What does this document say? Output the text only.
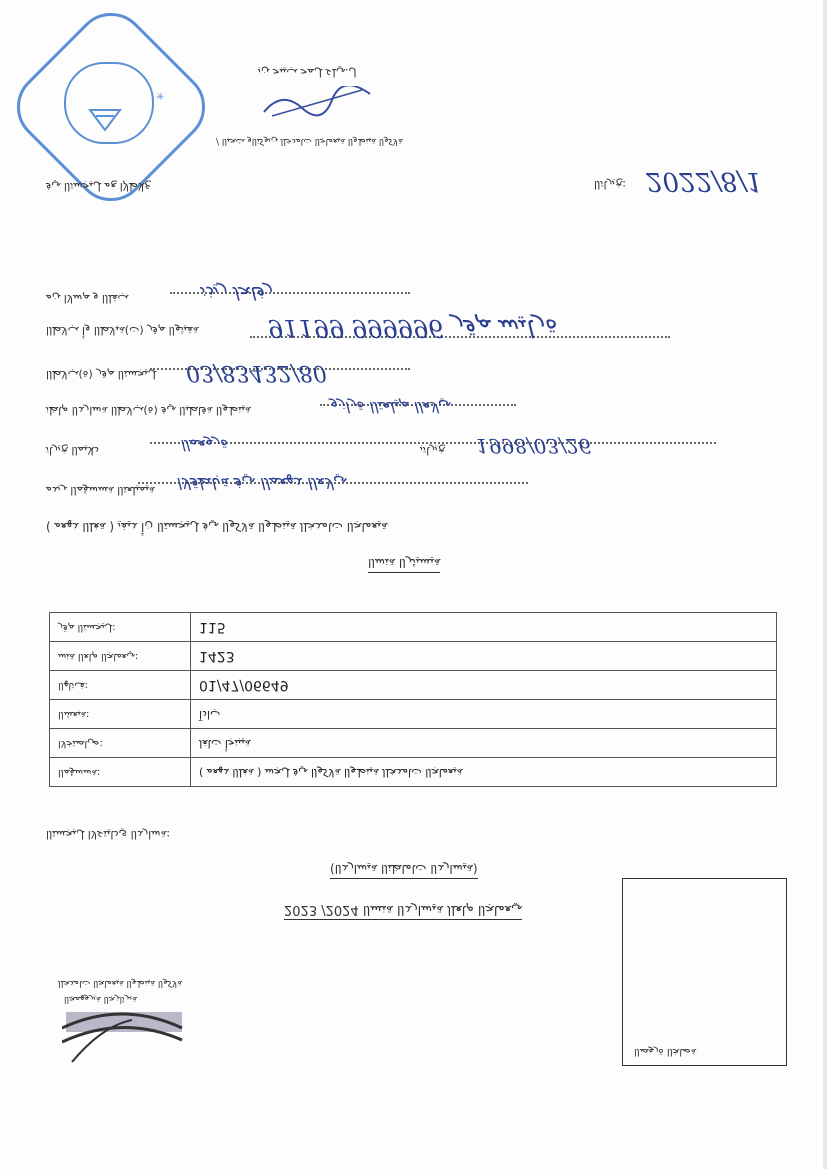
✳
ﻝ.ﻲﻠﻋ ﻞﻤﺣ ﺐﻴﺒﺣ ﻦﺑ
/ ﺔﻟﺎﻛﻭﻟﺍ ﺔﻴﻨﻁﻭﻟﺍ ﺔﻴﻌﻣﺎﺟﻟﺍ ﺕﺎﻣﺩﺧﻠﻟ ﻦﻳﻭﻛﺘﻟﺍﻭ ﺚﺤﺒﻟﺍ
ﻉﻼﻃﻹﺍ ﻊﻣ ﻞﻴﺟﺳﺗﻟﺍ ﻲﻓ	ﺦﻳﺭﺎﺗﻟﺍ: 2022/8/1
ﺐﻘﻠﻟﺍ ﻭ ﻢﺳﻻﺍ ﻦﻣ	ﺭﻓﺎﺤﻟ ﺭﻳﺫﻧ
ﺔﻘﻴﺛﻮﻟﺍ ﻢﻗﺭ (ﺕ)ﺔﺒﻟﺎﻄﻟﺍ ﻭﺃ ﺐﻟﺎﻄﻟﺍ	91199 ﺓﺭﺎﻴﺳ ﻢﻗﺭ 999996
ﻞﻴﺠﺴﺘﻟﺍ ﻢﻗﺭ (ﺓ)ﺐﻟﺎﻄﻟﺍ 03/83432/80
ﺔﻴﻨﻁﻮﻟﺍ ﺔﻗﺎﻄﺒﻟﺍ ﻲﻓ (ﺓ)ﺐﻟﺎﻄﻟﺍ ﺔﺳﺍﺭﺪﻟﺍ ﻡﺎﻈﻧ	ﻲﻟﺎﻌﻟﺍ ﻢﻴﻠﻌﺘﻟﺍ ﺓﺭﺍﺯﻭ
ﺩﻼﻴﻤﻟﺍ ﺦﻳﺭﺎﺗ	ﺓﺭﻮﻌﻤﻟﺍ	ﺦﻳﺭﺎﺗﺑ 1998/03/26
ﺔﻴﻤﻴﻠﻌﺘﻟﺍ ﺔﺴﺳﺆﻤﻟﺍ ﺮﻳﺪﻣ ﻲﻟﺎﻌﻟﺍ ﺪﻬﻌﻤﻟﺍ ﻲﻓ ﺔﺑﺎﻄﻗﻻﺍ
( ﺔﻐﻠﻟﺍ ﺪﻬﻌﻣ ) ﺔﻴﻌﻣﺎﺠﻟﺍ ﺕﺎﻣﺪﺨﻠﻟ ﺔﻴﻨﻁﻮﻟﺍ ﺔﻟﺎﻛﻮﻟﺍ ﻲﻓ ﻞﻴﺠﺴﺘﻟﺍ ﻥﺃ ﺪﻴﻔﻳ
ﺔﻴﺴﻴﺋﺮﻟﺍ ﺔﻨﺳﻟﺍ
ﻞﻴﺠﺴﺘﻟﺍ ﻢﻗﺭ:	115
ﻲﻌﻣﺎﺠﻟﺍ ﻡﺎﻌﻟﺍ ﺔﻨﺳ:	1423
ﻒﺗﺎﻬﻟﺍ:	01/47/06649
ﺔﺒﻌﺸﻟﺍ:	ﺏﺍﺩﺁ
ﺹﺎﺼﺘﺧﻻﺍ:	ﺔﻴﺒﻨﺟﺃ ﺕﺎﻐﻟ
ﺔﺳﺳﺆﻤﻟﺍ:	( ﺔﻐﻠﻟﺍ ﺪﻬﻌﻣ ) ﺔﻴﻌﻣﺎﺠﻟﺍ ﺕﺎﻣﺪﺨﻠﻟ ﺔﻴﻨﻁﻮﻟﺍ ﺔﻟﺎﻛﻮﻟﺍ ﻲﻓ ﻞﺠﺳ
ﺔﺳﺍﺭﺪﻟﺍ ﻱﺩﺎﻴﺘﻋﻻﺍ ﻞﻴﺠﺴﺘﻟﺍ:
(ﺔﻴﺳﺍﺭﺪﻟﺍ ﺕﺎﻣﺎﻈﻨﻟﺍ ﺔﻴﺳﺍﺭﺪﻟﺍ)
2023 /2024 ﻲﻌﻣﺎﺠﻟﺍ ﻡﺎﻌﻠﻟ ﺔﻴﺳﺍﺭﺪﻟﺍ ﺔﻨﺴﻟﺍ
ﺔﻟﺎﻛﻮﻟﺍ ﺔﻴﻨﻁﻮﻟﺍ ﺔﻴﻌﻣﺎﺠﻟﺍ ﺕﺎﻣﺪﺨﻠﻟ
ﺔﻳﺮﺋﺍﺰﺠﻟﺍ ﺔﻳﺭﻮﻬﻤﺠﻟﺍ
ﺔﺻﺎﺨﻟﺍ ﺓﺭﻮﺼﻟﺍ
